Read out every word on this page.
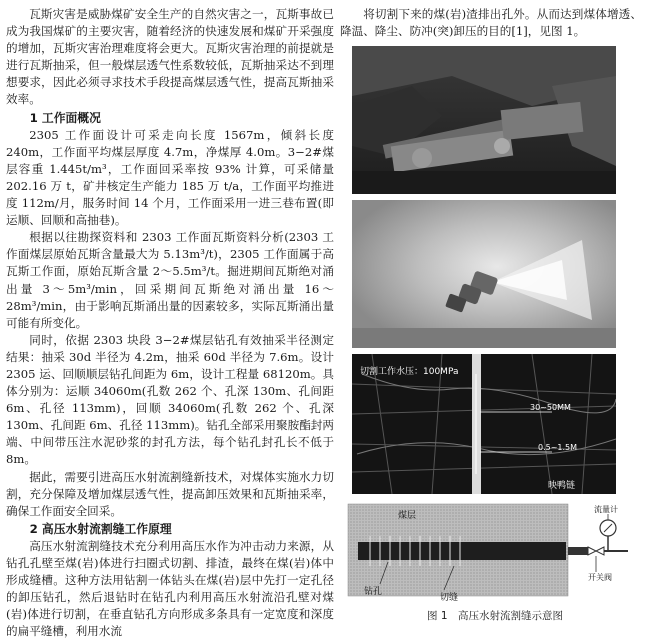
瓦斯灾害是威胁煤矿安全生产的自然灾害之一，瓦斯事故已成为我国煤矿的主要灾害，随着经济的快速发展和煤矿开采强度的增加，瓦斯灾害治理难度将会更大。瓦斯灾害治理的前提就是进行瓦斯抽采，但一般煤层透气性系数较低，瓦斯抽采达不到理想要求，因此必须寻求技术手段提高煤层透气性，提高瓦斯抽采效率。

1 工作面概况

2305 工作面设计可采走向长度 1567m，倾斜长度 240m，工作面平均煤层厚度 4.7m，净煤厚 4.0m。3−2#煤层容重 1.445t/m³，工作面回采率按 93% 计算，可采储量 202.16 万 t，矿井核定生产能力 185 万 t/a，工作面平均推进度 112m/月，服务时间 14 个月，工作面采用一进三巷布置(即运顺、回顺和高抽巷)。

根据以往勘探资料和 2303 工作面瓦斯资料分析(2303 工作面煤层原始瓦斯含量最大为 5.13m³/t)，2305 工作面属于高瓦斯工作面，原始瓦斯含量 2～5.5m³/t。掘进期间瓦斯绝对涌出量 3～5m³/min，回采期间瓦斯绝对涌出量 16～28m³/min，由于影响瓦斯涌出量的因素较多，实际瓦斯涌出量可能有所变化。

同时，依据 2303 块段 3−2#煤层钻孔有效抽采半径测定结果：抽采 30d 半径为 4.2m，抽采 60d 半径为 7.6m。设计 2305 运、回顺顺层钻孔间距为 6m，设计工程量 68120m。具体分别为：运顺 34060m(孔数 262 个、孔深 130m、孔间距 6m、孔径 113mm)，回顺 34060m(孔数 262 个、孔深 130m、孔间距 6m、孔径 113mm)。钻孔全部采用聚胺酯封两端、中间带压注水泥砂浆的封孔方法，每个钻孔封孔长不低于 8m。

据此，需要引进高压水射流割缝新技术，对煤体实施水力切割，充分保障及增加煤层透气性，提高卸压效果和瓦斯抽采率，确保工作面安全回采。

2 高压水射流割缝工作原理

高压水射流割缝技术充分利用高压水作为冲击动力来源，从钻孔孔壁至煤(岩)体进行扫圈式切割、排渣，最终在煤(岩)体中形成缝槽。这种方法用钻割一体钻头在煤(岩)层中先打一定孔径的卸压钻孔，然后退钻时在钻孔内利用高压水射流沿孔壁对煤(岩)体进行切割，在垂直钻孔方向形成多条具有一定宽度和深度的扁平缝槽，利用水流

将切割下来的煤(岩)渣排出孔外。从而达到煤体增透、降温、降尘、防冲(突)卸压的目的[1]，见图 1。

切割工作水压：100MPa
30~50MM
0.5~1.5M
映鸭链
煤层
流量计
钻孔
切缝
开关阀
图 1　高压水射流割缝示意图
